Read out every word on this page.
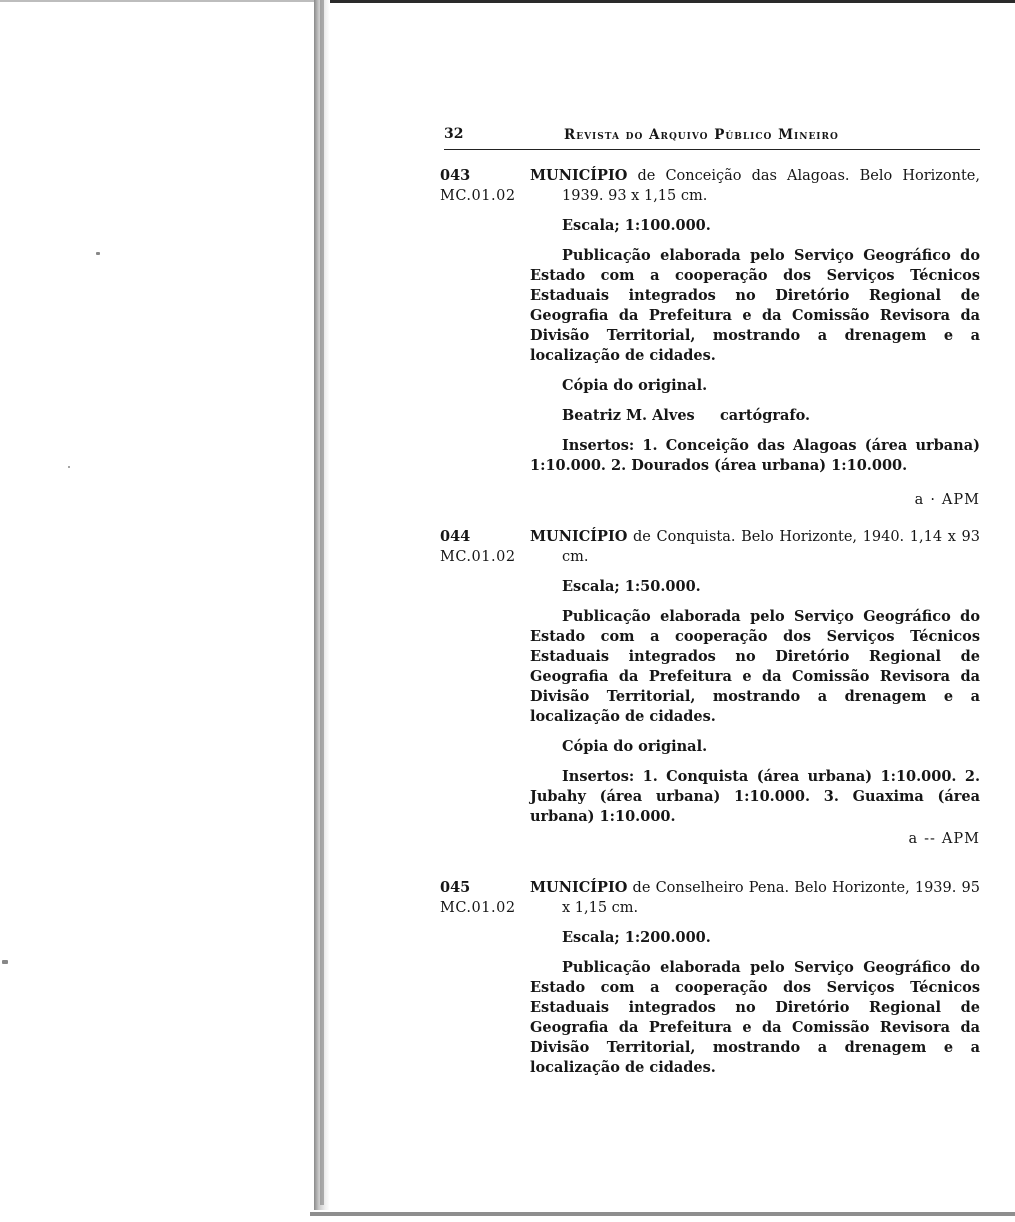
32	Revista do Arquivo Público Mineiro
043
MC.01.02

MUNICÍPIO de Conceição das Alagoas. Belo Horizonte, 1939. 93 x 1,15 cm.

Escala; 1:100.000.

Publicação elaborada pelo Serviço Geográfico do Estado com a cooperação dos Serviços Técnicos Estaduais integrados no Diretório Regional de Geografia da Prefeitura e da Comissão Revisora da Divisão Territorial, mostrando a drenagem e a localização de cidades.

Cópia do original.

Beatriz M. Alves     cartógrafo.

Insertos: 1. Conceição das Alagoas (área urbana) 1:10.000. 2. Dourados (área urbana) 1:10.000.

a · APM

044
MC.01.02

MUNICÍPIO de Conquista. Belo Horizonte, 1940. 1,14 x 93 cm.

Escala; 1:50.000.

Publicação elaborada pelo Serviço Geográfico do Estado com a cooperação dos Serviços Técnicos Estaduais integrados no Diretório Regional de Geografia da Prefeitura e da Comissão Revisora da Divisão Territorial, mostrando a drenagem e a localização de cidades.

Cópia do original.

Insertos: 1. Conquista (área urbana) 1:10.000. 2. Jubahy (área urbana) 1:10.000. 3. Guaxima (área urbana) 1:10.000.

a -- APM

045
MC.01.02

MUNICÍPIO de Conselheiro Pena. Belo Horizonte, 1939. 95 x 1,15 cm.

Escala; 1:200.000.

Publicação elaborada pelo Serviço Geográfico do Estado com a cooperação dos Serviços Técnicos Estaduais integrados no Diretório Regional de Geografia da Prefeitura e da Comissão Revisora da Divisão Territorial, mostrando a drenagem e a localização de cidades.
